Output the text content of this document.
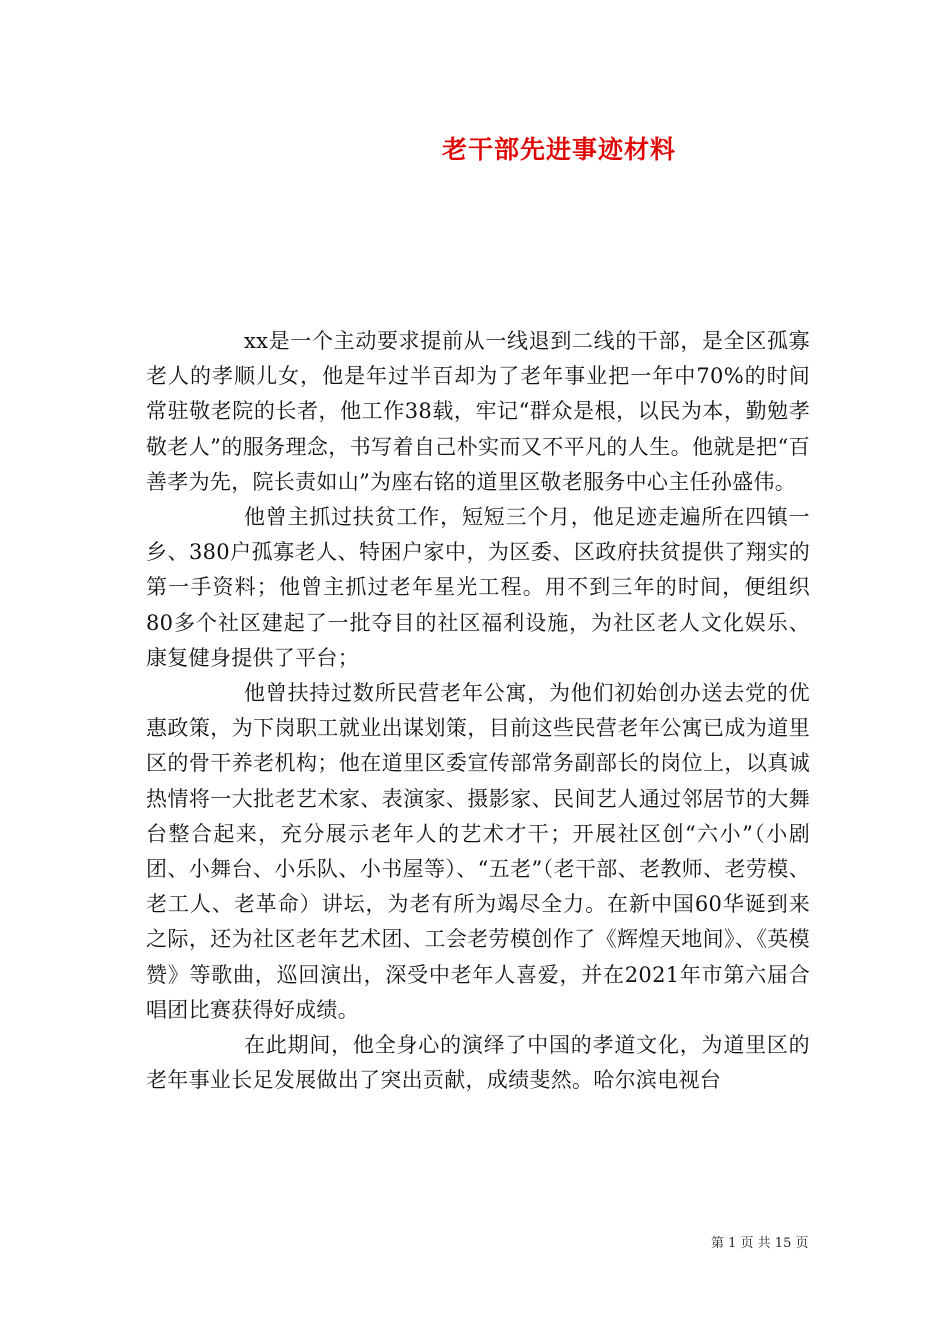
老干部先进事迹材料

xx是一个主动要求提前从一线退到二线的干部，是全区孤寡老人的孝顺儿女，他是年过半百却为了老年事业把一年中70%的时间常驻敬老院的长者，他工作38载，牢记“群众是根，以民为本，勤勉孝敬老人”的服务理念，书写着自己朴实而又不平凡的人生。他就是把“百善孝为先，院长责如山”为座右铭的道里区敬老服务中心主任孙盛伟。

他曾主抓过扶贫工作，短短三个月，他足迹走遍所在四镇一乡、380户孤寡老人、特困户家中，为区委、区政府扶贫提供了翔实的第一手资料；他曾主抓过老年星光工程。用不到三年的时间，便组织80多个社区建起了一批夺目的社区福利设施，为社区老人文化娱乐、康复健身提供了平台；

他曾扶持过数所民营老年公寓，为他们初始创办送去党的优惠政策，为下岗职工就业出谋划策，目前这些民营老年公寓已成为道里区的骨干养老机构；他在道里区委宣传部常务副部长的岗位上，以真诚热情将一大批老艺术家、表演家、摄影家、民间艺人通过邻居节的大舞台整合起来，充分展示老年人的艺术才干；开展社区创“六小”（小剧团、小舞台、小乐队、小书屋等）、“五老”（老干部、老教师、老劳模、老工人、老革命）讲坛，为老有所为竭尽全力。在新中国60华诞到来之际，还为社区老年艺术团、工会老劳模创作了《辉煌天地间》、《英模赞》等歌曲，巡回演出，深受中老年人喜爱，并在2021年市第六届合唱团比赛获得好成绩。

在此期间，他全身心的演绎了中国的孝道文化，为道里区的老年事业长足发展做出了突出贡献，成绩斐然。哈尔滨电视台

第 1 页 共 15 页
